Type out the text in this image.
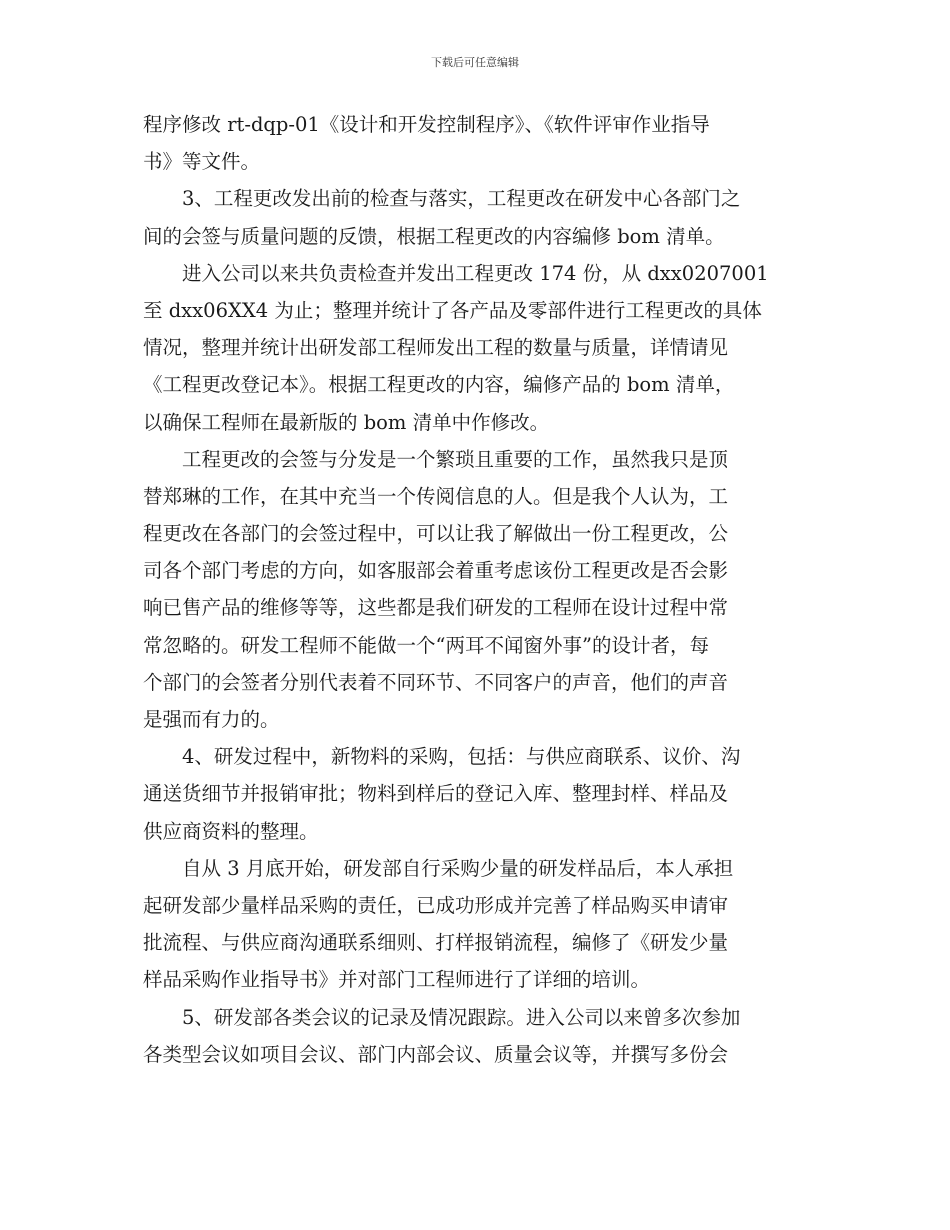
下载后可任意编辑
程序修改 rt-dqp-01《设计和开发控制程序》、《软件评审作业指导
书》等文件。
　　3、工程更改发出前的检查与落实，工程更改在研发中心各部门之
间的会签与质量问题的反馈，根据工程更改的内容编修 bom 清单。
　　进入公司以来共负责检查并发出工程更改 174 份，从 dxx0207001
至 dxx06XX4 为止；整理并统计了各产品及零部件进行工程更改的具体
情况，整理并统计出研发部工程师发出工程的数量与质量，详情请见
《工程更改登记本》。根据工程更改的内容，编修产品的 bom 清单，
以确保工程师在最新版的 bom 清单中作修改。
　　工程更改的会签与分发是一个繁琐且重要的工作，虽然我只是顶
替郑琳的工作，在其中充当一个传阅信息的人。但是我个人认为，工
程更改在各部门的会签过程中，可以让我了解做出一份工程更改，公
司各个部门考虑的方向，如客服部会着重考虑该份工程更改是否会影
响已售产品的维修等等，这些都是我们研发的工程师在设计过程中常
常忽略的。研发工程师不能做一个“两耳不闻窗外事”的设计者，每
个部门的会签者分别代表着不同环节、不同客户的声音，他们的声音
是强而有力的。
　　4、研发过程中，新物料的采购，包括：与供应商联系、议价、沟
通送货细节并报销审批；物料到样后的登记入库、整理封样、样品及
供应商资料的整理。
　　自从 3 月底开始，研发部自行采购少量的研发样品后，本人承担
起研发部少量样品采购的责任，已成功形成并完善了样品购买申请审
批流程、与供应商沟通联系细则、打样报销流程，编修了《研发少量
样品采购作业指导书》并对部门工程师进行了详细的培训。
　　5、研发部各类会议的记录及情况跟踪。进入公司以来曾多次参加
各类型会议如项目会议、部门内部会议、质量会议等，并撰写多份会
